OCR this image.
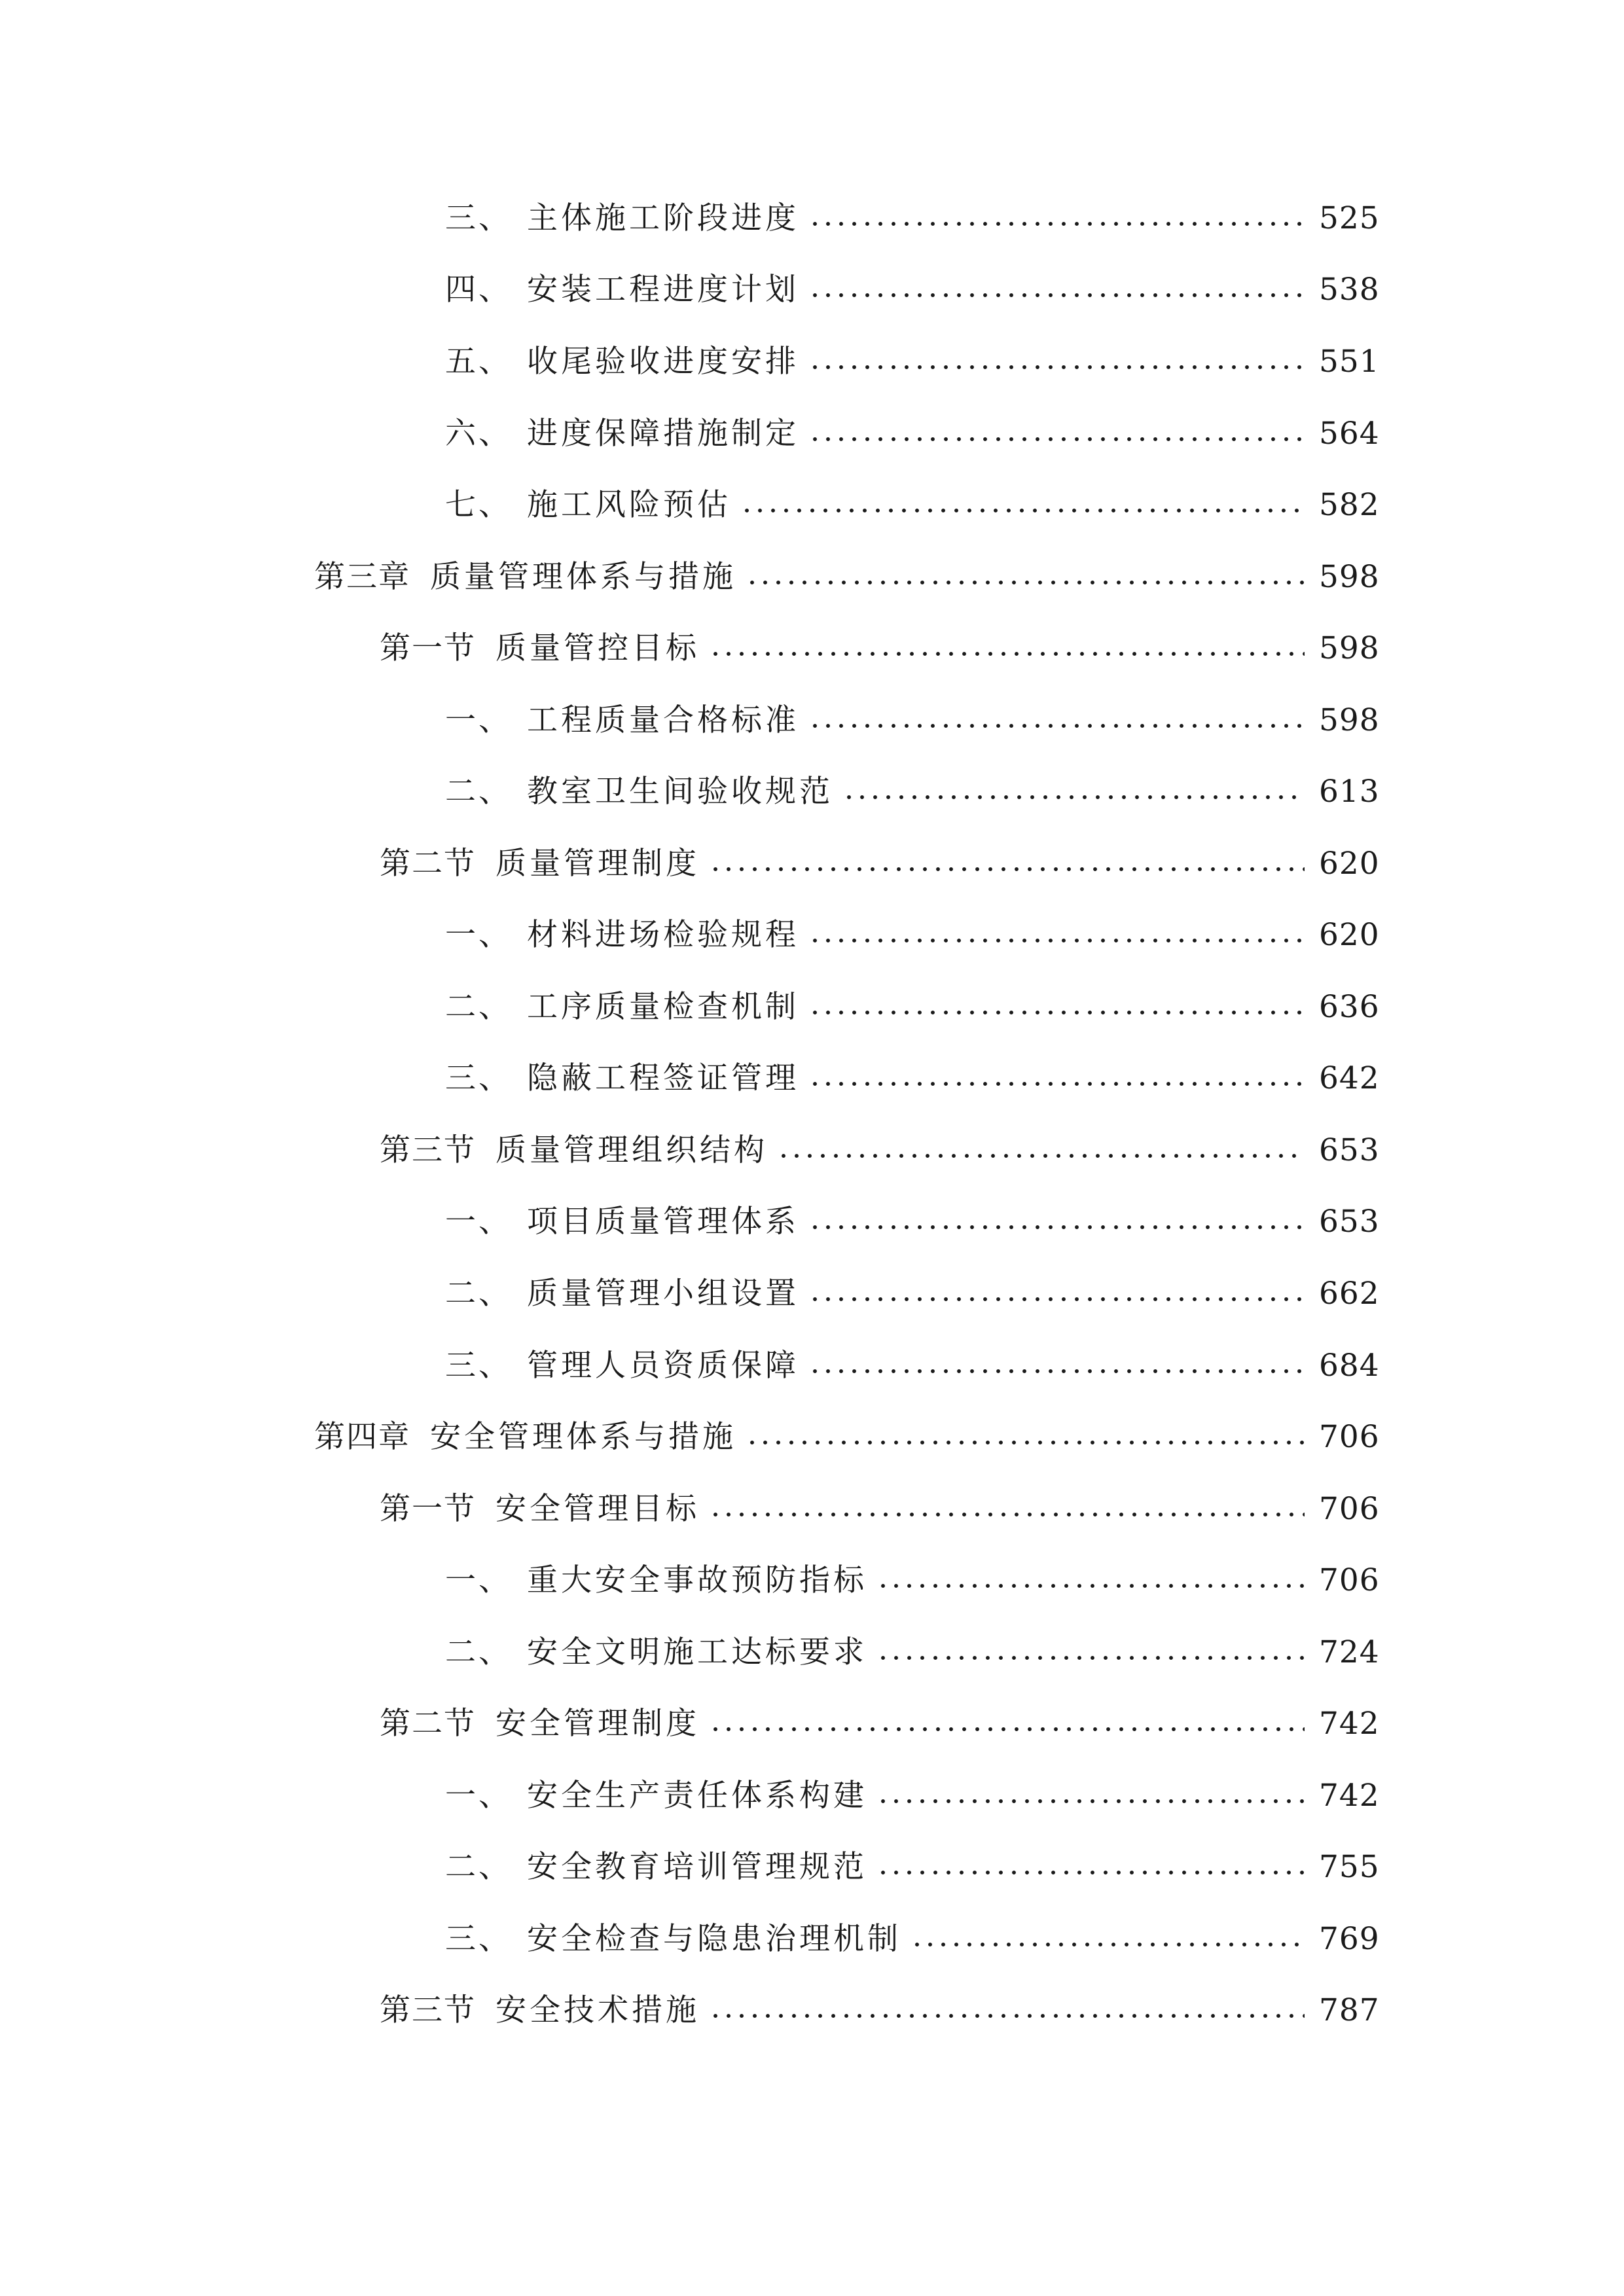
三、 主体施工阶段进度	525
四、 安装工程进度计划	538
五、 收尾验收进度安排	551
六、 进度保障措施制定	564
七、 施工风险预估	582
第三章 质量管理体系与措施	598
第一节 质量管控目标	598
一、 工程质量合格标准	598
二、 教室卫生间验收规范	613
第二节 质量管理制度	620
一、 材料进场检验规程	620
二、 工序质量检查机制	636
三、 隐蔽工程签证管理	642
第三节 质量管理组织结构	653
一、 项目质量管理体系	653
二、 质量管理小组设置	662
三、 管理人员资质保障	684
第四章 安全管理体系与措施	706
第一节 安全管理目标	706
一、 重大安全事故预防指标	706
二、 安全文明施工达标要求	724
第二节 安全管理制度	742
一、 安全生产责任体系构建	742
二、 安全教育培训管理规范	755
三、 安全检查与隐患治理机制	769
第三节 安全技术措施	787
